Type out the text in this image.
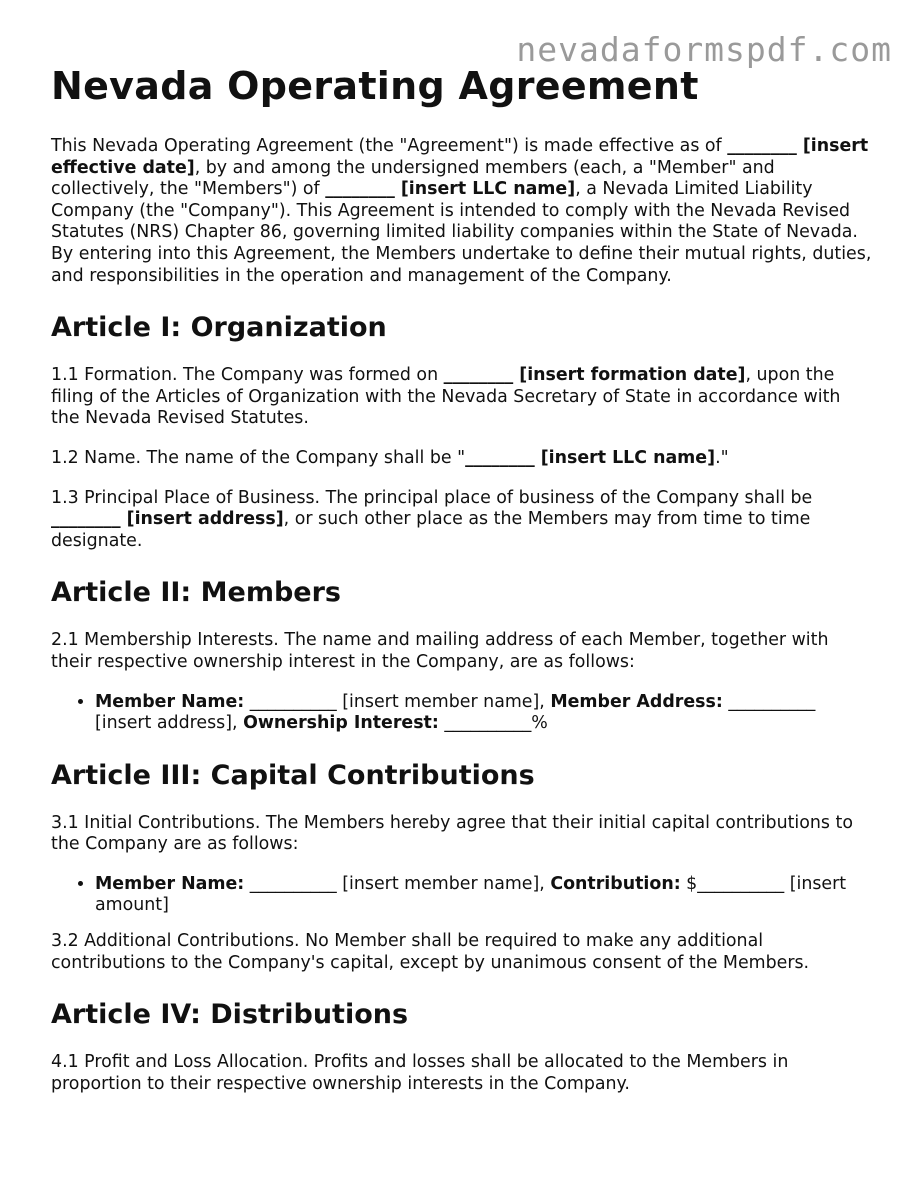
nevadaformspdf.com
Nevada Operating Agreement

This Nevada Operating Agreement (the "Agreement") is made effective as of ________ [insert effective date], by and among the undersigned members (each, a "Member" and collectively, the "Members") of ________ [insert LLC name], a Nevada Limited Liability Company (the "Company"). This Agreement is intended to comply with the Nevada Revised Statutes (NRS) Chapter 86, governing limited liability companies within the State of Nevada. By entering into this Agreement, the Members undertake to define their mutual rights, duties, and responsibilities in the operation and management of the Company.

Article I: Organization

1.1 Formation. The Company was formed on ________ [insert formation date], upon the filing of the Articles of Organization with the Nevada Secretary of State in accordance with the Nevada Revised Statutes.

1.2 Name. The name of the Company shall be "________ [insert LLC name]."

1.3 Principal Place of Business. The principal place of business of the Company shall be ________ [insert address], or such other place as the Members may from time to time designate.

Article II: Members

2.1 Membership Interests. The name and mailing address of each Member, together with their respective ownership interest in the Company, are as follows:

• Member Name: __________ [insert member name], Member Address: __________ [insert address], Ownership Interest: __________%
Article III: Capital Contributions

3.1 Initial Contributions. The Members hereby agree that their initial capital contributions to the Company are as follows:

• Member Name: __________ [insert member name], Contribution: $__________ [insert amount]

3.2 Additional Contributions. No Member shall be required to make any additional contributions to the Company's capital, except by unanimous consent of the Members.

Article IV: Distributions

4.1 Profit and Loss Allocation. Profits and losses shall be allocated to the Members in proportion to their respective ownership interests in the Company.
